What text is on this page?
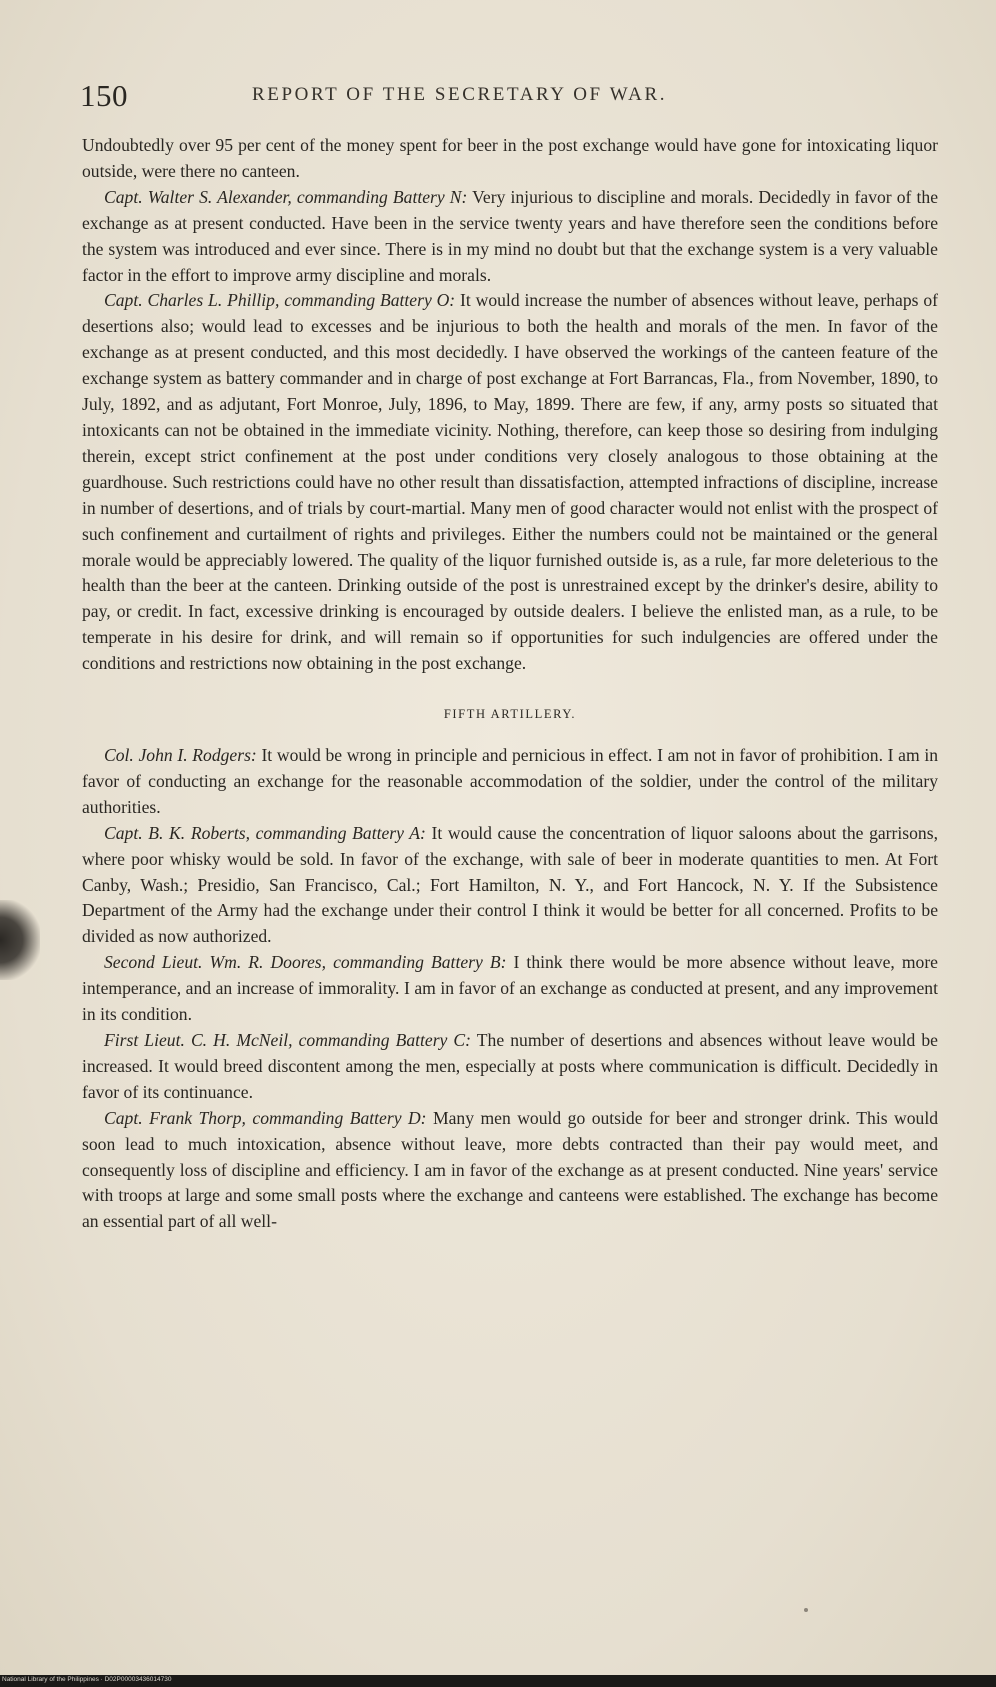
150	REPORT OF THE SECRETARY OF WAR.

Undoubtedly over 95 per cent of the money spent for beer in the post exchange would have gone for intoxicating liquor outside, were there no canteen.

Capt. Walter S. Alexander, commanding Battery N: Very injurious to discipline and morals. Decidedly in favor of the exchange as at present conducted. Have been in the service twenty years and have therefore seen the conditions before the system was introduced and ever since. There is in my mind no doubt but that the exchange system is a very valuable factor in the effort to improve army discipline and morals.

Capt. Charles L. Phillip, commanding Battery O: It would increase the number of absences without leave, perhaps of desertions also; would lead to excesses and be injurious to both the health and morals of the men. In favor of the exchange as at present conducted, and this most decidedly. I have observed the workings of the canteen feature of the exchange system as battery commander and in charge of post exchange at Fort Barrancas, Fla., from November, 1890, to July, 1892, and as adjutant, Fort Monroe, July, 1896, to May, 1899. There are few, if any, army posts so situated that intoxicants can not be obtained in the immediate vicinity. Nothing, therefore, can keep those so desiring from indulging therein, except strict confinement at the post under conditions very closely analogous to those obtaining at the guardhouse. Such restrictions could have no other result than dissatisfaction, attempted infractions of discipline, increase in number of desertions, and of trials by court-martial. Many men of good character would not enlist with the prospect of such confinement and curtailment of rights and privileges. Either the numbers could not be maintained or the general morale would be appreciably lowered. The quality of the liquor furnished outside is, as a rule, far more deleterious to the health than the beer at the canteen. Drinking outside of the post is unrestrained except by the drinker's desire, ability to pay, or credit. In fact, excessive drinking is encouraged by outside dealers. I believe the enlisted man, as a rule, to be temperate in his desire for drink, and will remain so if opportunities for such indulgencies are offered under the conditions and restrictions now obtaining in the post exchange.

FIFTH ARTILLERY.

Col. John I. Rodgers: It would be wrong in principle and pernicious in effect. I am not in favor of prohibition. I am in favor of conducting an exchange for the reasonable accommodation of the soldier, under the control of the military authorities.

Capt. B. K. Roberts, commanding Battery A: It would cause the concentration of liquor saloons about the garrisons, where poor whisky would be sold. In favor of the exchange, with sale of beer in moderate quantities to men. At Fort Canby, Wash.; Presidio, San Francisco, Cal.; Fort Hamilton, N. Y., and Fort Hancock, N. Y. If the Subsistence Department of the Army had the exchange under their control I think it would be better for all concerned. Profits to be divided as now authorized.

Second Lieut. Wm. R. Doores, commanding Battery B: I think there would be more absence without leave, more intemperance, and an increase of immorality. I am in favor of an exchange as conducted at present, and any improvement in its condition.

First Lieut. C. H. McNeil, commanding Battery C: The number of desertions and absences without leave would be increased. It would breed discontent among the men, especially at posts where communication is difficult. Decidedly in favor of its continuance.

Capt. Frank Thorp, commanding Battery D: Many men would go outside for beer and stronger drink. This would soon lead to much intoxication, absence without leave, more debts contracted than their pay would meet, and consequently loss of discipline and efficiency. I am in favor of the exchange as at present conducted. Nine years' service with troops at large and some small posts where the exchange and canteens were established. The exchange has become an essential part of all well-

National Library of the Philippines · D02P00003436014730
